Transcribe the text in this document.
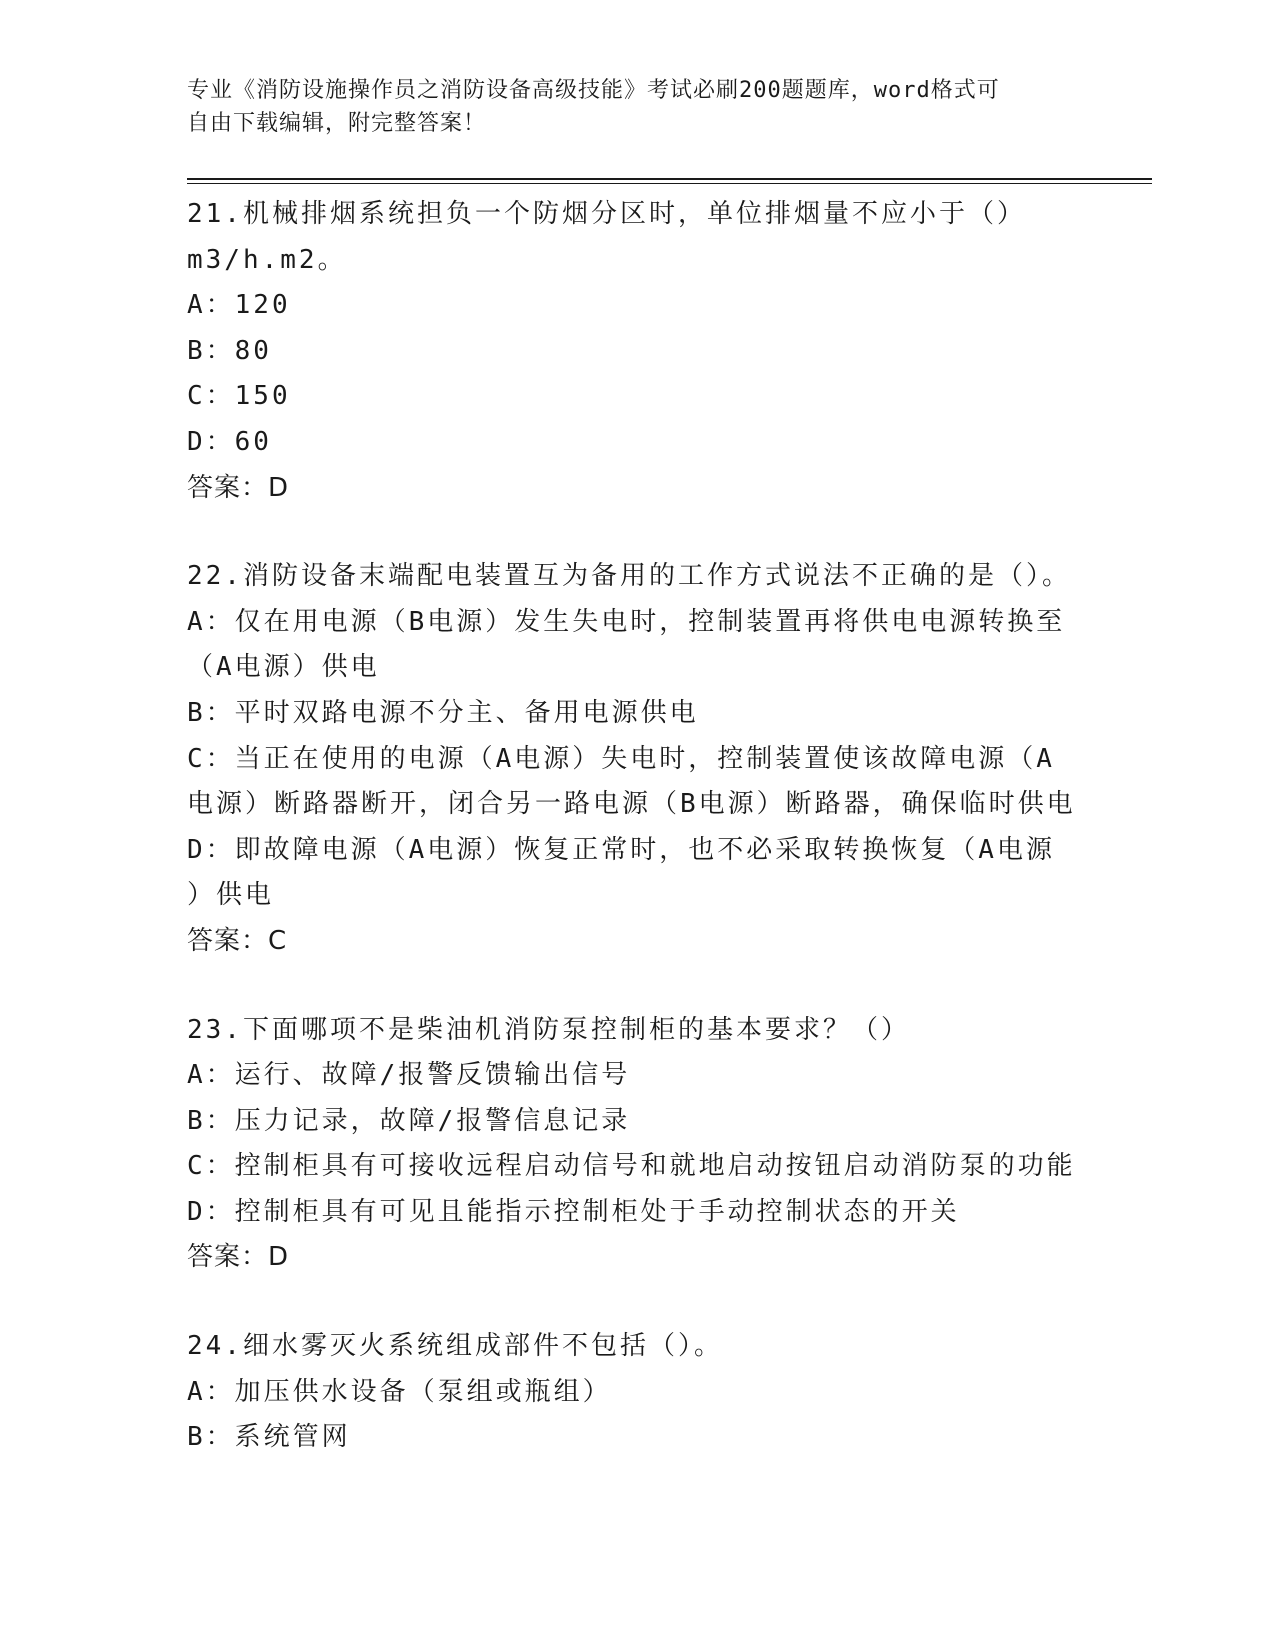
专业《消防设施操作员之消防设备高级技能》考试必刷200题题库，word格式可
自由下载编辑，附完整答案！
21.机械排烟系统担负一个防烟分区时，单位排烟量不应小于（）
m3/h.m2。
A：120
B：80
C：150
D：60
答案：D
22.消防设备末端配电装置互为备用的工作方式说法不正确的是（）。
A：仅在用电源（B电源）发生失电时，控制装置再将供电电源转换至
（A电源）供电
B：平时双路电源不分主、备用电源供电
C：当正在使用的电源（A电源）失电时，控制装置使该故障电源（A
电源）断路器断开，闭合另一路电源（B电源）断路器，确保临时供电
D：即故障电源（A电源）恢复正常时，也不必采取转换恢复（A电源
）供电
答案：C
23.下面哪项不是柴油机消防泵控制柜的基本要求？（）
A：运行、故障/报警反馈输出信号
B：压力记录，故障/报警信息记录
C：控制柜具有可接收远程启动信号和就地启动按钮启动消防泵的功能
D：控制柜具有可见且能指示控制柜处于手动控制状态的开关
答案：D
24.细水雾灭火系统组成部件不包括（）。
A：加压供水设备（泵组或瓶组）
B：系统管网
